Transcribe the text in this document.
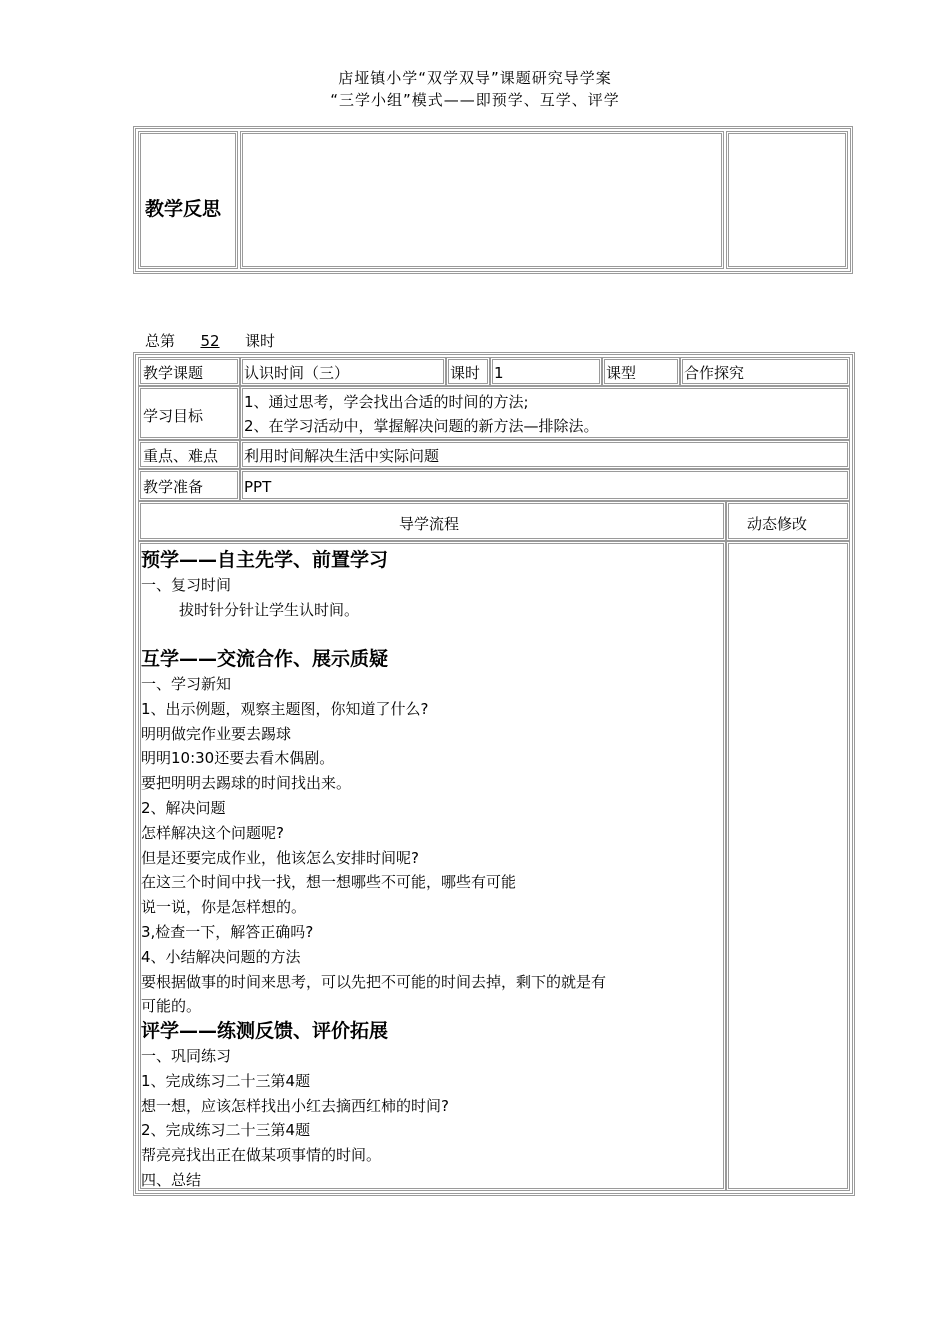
店垭镇小学“双学双导”课题研究导学案
“三学小组”模式——即预学、互学、评学
教学反思
总第 52 课时
教学课题	认识时间（三）	课时 1	课型	合作探究
学习目标
1、通过思考，学会找出合适的时间的方法;
2、在学习活动中，掌握解决问题的新方法—排除法。
重点、难点 利用时间解决生活中实际问题
教学准备	PPT
导学流程	动态修改
预学——自主先学、前置学习
一、复习时间
拔时针分针让学生认时间。
互学——交流合作、展示质疑
一、学习新知
1、出示例题，观察主题图，你知道了什么?
明明做完作业要去踢球
明明10:30还要去看木偶剧。
要把明明去踢球的时间找出来。
2、解决问题
怎样解决这个问题呢?
但是还要完成作业，他该怎么安排时间呢?
在这三个时间中找一找，想一想哪些不可能，哪些有可能
说一说，你是怎样想的。
3,检查一下，解答正确吗?
4、小结解决问题的方法
要根据做事的时间来思考，可以先把不可能的时间去掉，剩下的就是有
可能的。
评学——练测反馈、评价拓展
一、巩同练习
1、完成练习二十三第4题
想一想，应该怎样找出小红去摘西红柿的时间?
2、完成练习二十三第4题
帮亮亮找出正在做某项事情的时间。
四、总结
